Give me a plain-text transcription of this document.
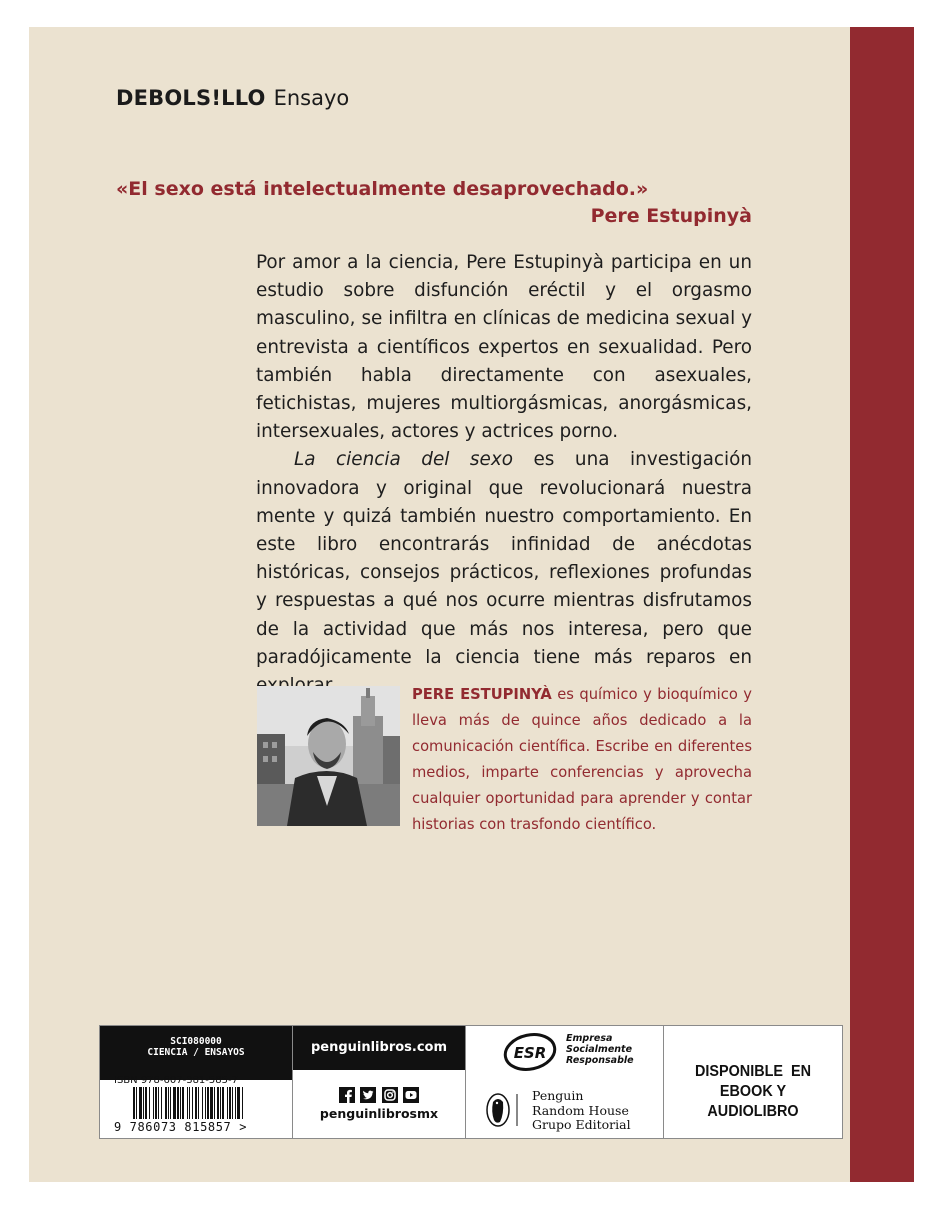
DEBOLS!LLO Ensayo
«El sexo está intelectualmente desaprovechado.»
Pere Estupinyà

Por amor a la ciencia, Pere Estupinyà participa en un estudio sobre disfunción eréctil y el orgasmo masculino, se infiltra en clínicas de medicina sexual y entrevista a científicos expertos en sexualidad. Pero también habla directamente con asexuales, fetichistas, mujeres multiorgásmicas, anorgásmicas, intersexuales, actores y actrices porno.

La ciencia del sexo es una investigación innovadora y original que revolucionará nuestra mente y quizá también nuestro comportamiento. En este libro encontrarás infinidad de anécdotas históricas, consejos prácticos, reflexiones profundas y respuestas a qué nos ocurre mientras disfrutamos de la actividad que más nos interesa, pero que paradójicamente la ciencia tiene más reparos en

PERE ESTUPINYÀ es químico y bioquímico y lleva más de quince años dedicado a la comunicación científica. Escribe en diferentes medios, imparte conferencias y aprovecha cualquier oportunidad para aprender y contar historias con trasfondo científico.
SCI080000
CIENCIA / ENSAYOS
ISBN 978-607-381-585-7
9 786073 815857 >
penguinlibros.com

penguinlibrosmx
ESR
Empresa
Socialmente
Responsable
Penguin
Random House
Grupo Editorial
DISPONIBLE  EN
EBOOK Y AUDIOLIBRO
